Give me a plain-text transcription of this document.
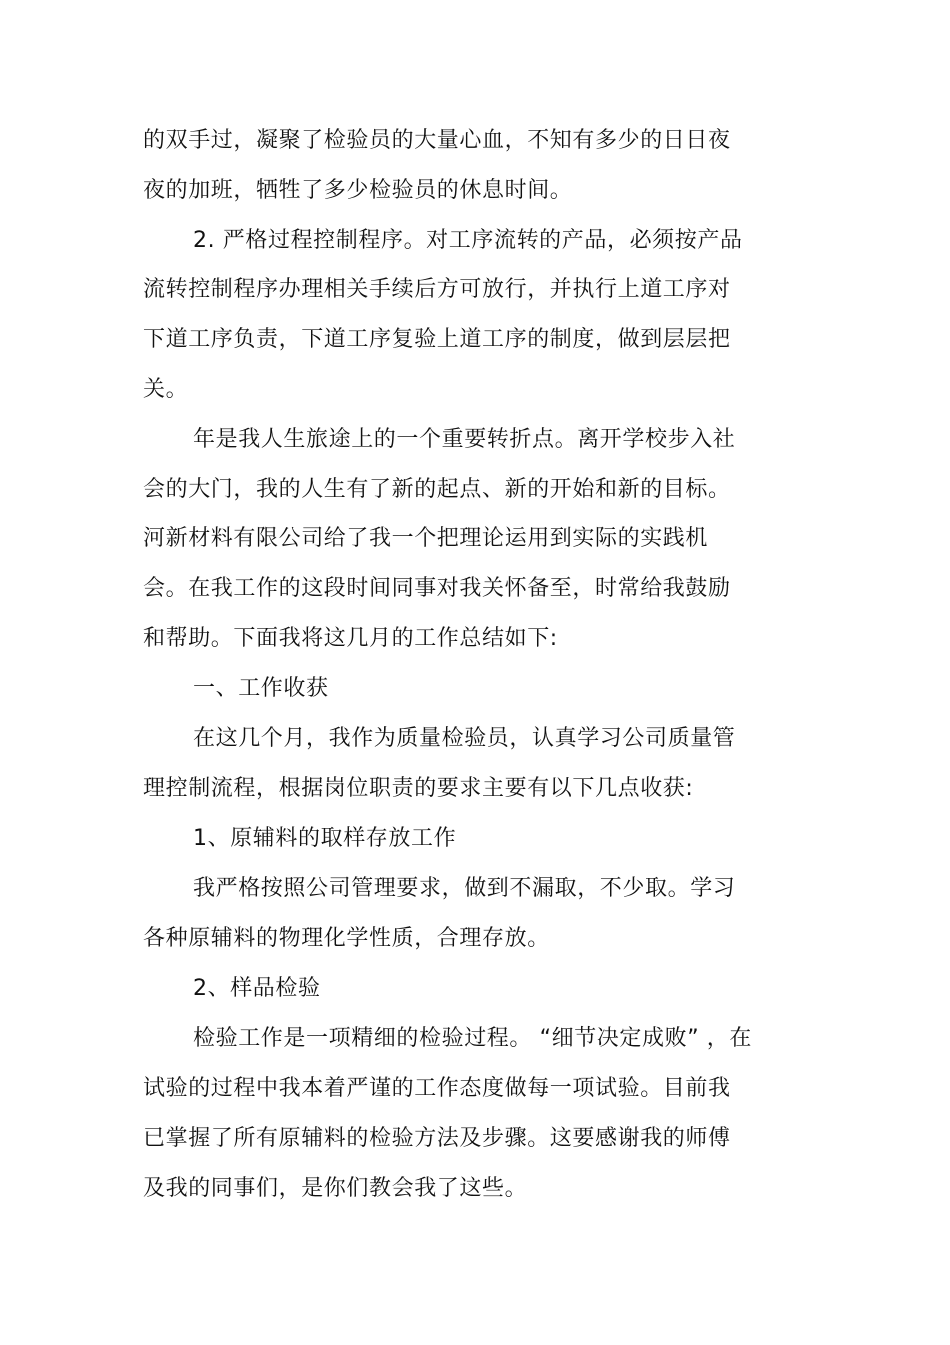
的双手过，凝聚了检验员的大量心血，不知有多少的日日夜

夜的加班，牺牲了多少检验员的休息时间。

2. 严格过程控制程序。对工序流转的产品，必须按产品

流转控制程序办理相关手续后方可放行，并执行上道工序对

下道工序负责，下道工序复验上道工序的制度，做到层层把

关。

年是我人生旅途上的一个重要转折点。离开学校步入社

会的大门，我的人生有了新的起点、新的开始和新的目标。

河新材料有限公司给了我一个把理论运用到实际的实践机

会。在我工作的这段时间同事对我关怀备至，时常给我鼓励

和帮助。下面我将这几月的工作总结如下:

一、工作收获

在这几个月，我作为质量检验员，认真学习公司质量管

理控制流程，根据岗位职责的要求主要有以下几点收获:

1、原辅料的取样存放工作

我严格按照公司管理要求，做到不漏取，不少取。学习

各种原辅料的物理化学性质，合理存放。

2、样品检验

检验工作是一项精细的检验过程。 “细节决定成败” ，在

试验的过程中我本着严谨的工作态度做每一项试验。目前我

已掌握了所有原辅料的检验方法及步骤。这要感谢我的师傅

及我的同事们，是你们教会我了这些。
